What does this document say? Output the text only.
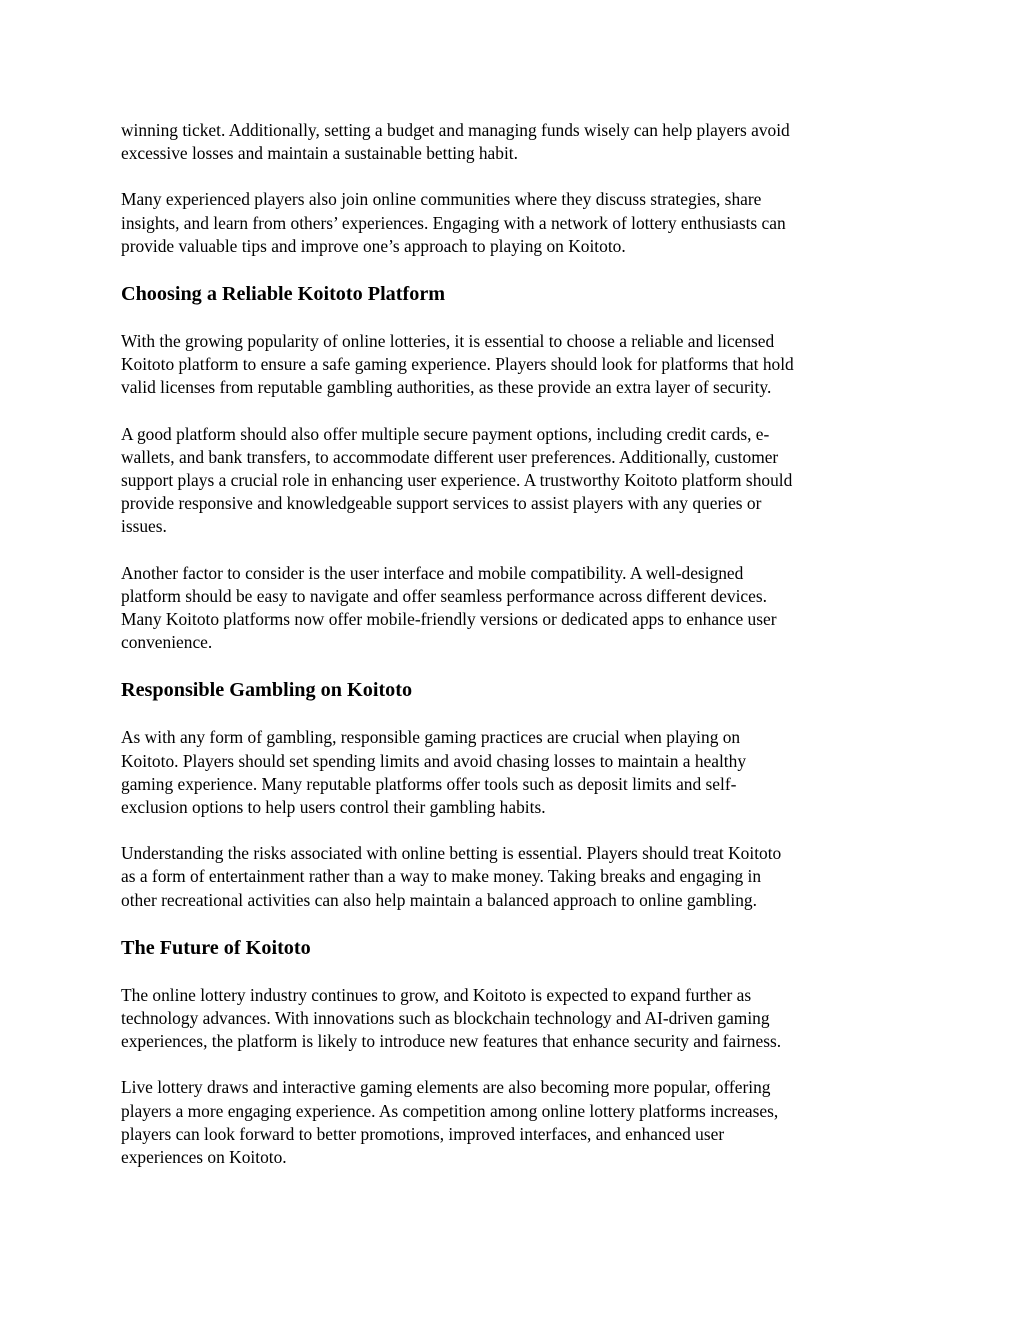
winning ticket. Additionally, setting a budget and managing funds wisely can help players avoid
excessive losses and maintain a sustainable betting habit.

Many experienced players also join online communities where they discuss strategies, share
insights, and learn from others’ experiences. Engaging with a network of lottery enthusiasts can
provide valuable tips and improve one’s approach to playing on Koitoto.

Choosing a Reliable Koitoto Platform

With the growing popularity of online lotteries, it is essential to choose a reliable and licensed
Koitoto platform to ensure a safe gaming experience. Players should look for platforms that hold
valid licenses from reputable gambling authorities, as these provide an extra layer of security.

A good platform should also offer multiple secure payment options, including credit cards, e-
wallets, and bank transfers, to accommodate different user preferences. Additionally, customer
support plays a crucial role in enhancing user experience. A trustworthy Koitoto platform should
provide responsive and knowledgeable support services to assist players with any queries or
issues.

Another factor to consider is the user interface and mobile compatibility. A well-designed
platform should be easy to navigate and offer seamless performance across different devices.
Many Koitoto platforms now offer mobile-friendly versions or dedicated apps to enhance user
convenience.

Responsible Gambling on Koitoto

As with any form of gambling, responsible gaming practices are crucial when playing on
Koitoto. Players should set spending limits and avoid chasing losses to maintain a healthy
gaming experience. Many reputable platforms offer tools such as deposit limits and self-
exclusion options to help users control their gambling habits.

Understanding the risks associated with online betting is essential. Players should treat Koitoto
as a form of entertainment rather than a way to make money. Taking breaks and engaging in
other recreational activities can also help maintain a balanced approach to online gambling.

The Future of Koitoto

The online lottery industry continues to grow, and Koitoto is expected to expand further as
technology advances. With innovations such as blockchain technology and AI-driven gaming
experiences, the platform is likely to introduce new features that enhance security and fairness.

Live lottery draws and interactive gaming elements are also becoming more popular, offering
players a more engaging experience. As competition among online lottery platforms increases,
players can look forward to better promotions, improved interfaces, and enhanced user
experiences on Koitoto.
